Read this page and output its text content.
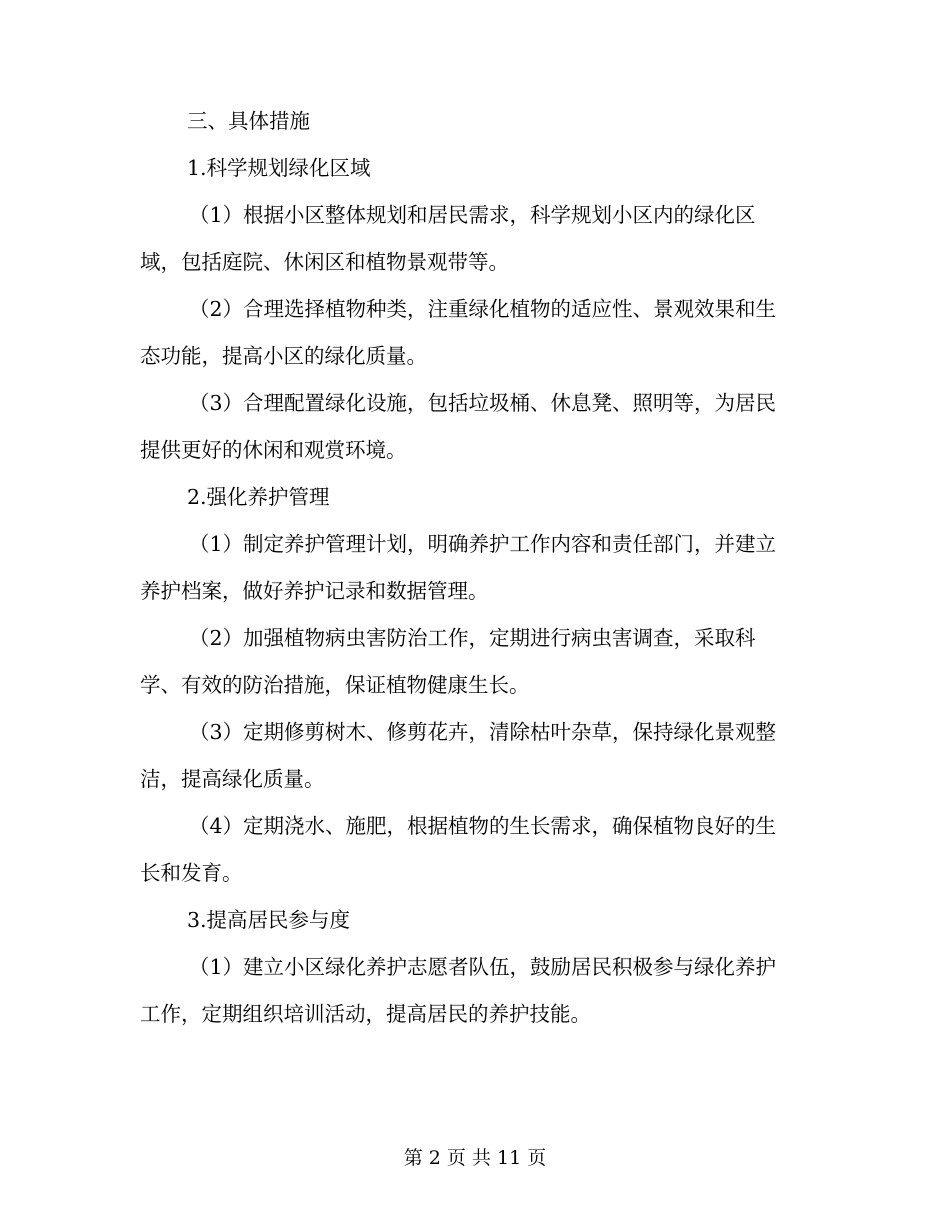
三、具体措施
1.科学规划绿化区域
（1）根据小区整体规划和居民需求，科学规划小区内的绿化区
域，包括庭院、休闲区和植物景观带等。
（2）合理选择植物种类，注重绿化植物的适应性、景观效果和生
态功能，提高小区的绿化质量。
（3）合理配置绿化设施，包括垃圾桶、休息凳、照明等，为居民
提供更好的休闲和观赏环境。
2.强化养护管理
（1）制定养护管理计划，明确养护工作内容和责任部门，并建立
养护档案，做好养护记录和数据管理。
（2）加强植物病虫害防治工作，定期进行病虫害调查，采取科
学、有效的防治措施，保证植物健康生长。
（3）定期修剪树木、修剪花卉，清除枯叶杂草，保持绿化景观整
洁，提高绿化质量。
（4）定期浇水、施肥，根据植物的生长需求，确保植物良好的生
长和发育。
3.提高居民参与度
（1）建立小区绿化养护志愿者队伍，鼓励居民积极参与绿化养护
工作，定期组织培训活动，提高居民的养护技能。
第 2 页 共 11 页
